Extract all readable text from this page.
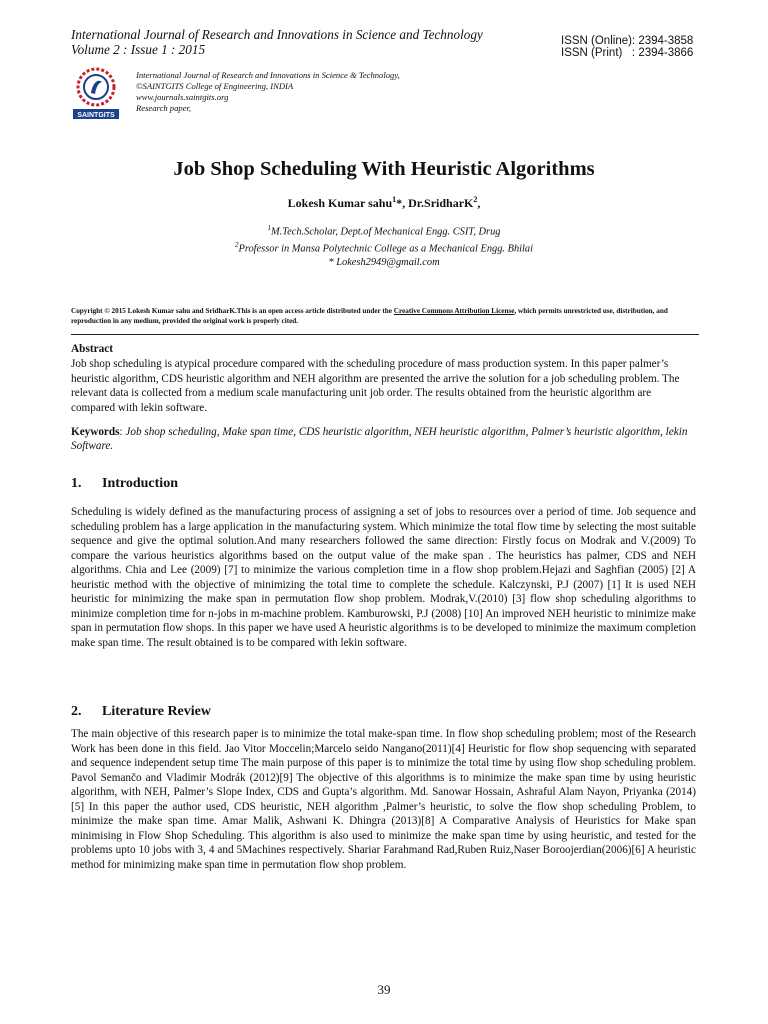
International Journal of Research and Innovations in Science and Technology
Volume 2 : Issue 1 : 2015
ISSN (Online): 2394-3858
ISSN (Print)   : 2394-3866
SAINTGITS
International Journal of Research and Innovations in Science & Technology,
©SAINTGITS College of Engineering, INDIA
www.journals.saintgits.org
Research paper,
Job Shop Scheduling With Heuristic Algorithms
Lokesh Kumar sahu$^1$*, Dr.SridharK$^2$,
$^1$M.Tech.Scholar, Dept.of Mechanical Engg. CSIT, Drug
$^2$Professor in Mansa Polytechnic College as a Mechanical Engg. Bhilai
* Lokesh2949@gmail.com
Copyright © 2015 Lokesh Kumar sahu and SridharK.This is an open access article distributed under the Creative Commons Attribution License, which permits unrestricted use, distribution, and reproduction in any medium, provided the original work is properly cited.
Abstract
Job shop scheduling is atypical procedure compared with the scheduling procedure of mass production system. In this paper palmer’s heuristic algorithm, CDS heuristic algorithm and NEH algorithm are presented the arrive the solution for a job scheduling problem. The relevant data is collected from a medium scale manufacturing unit job order. The results obtained from the heuristic algorithm are compared with lekin software.
Keywords: Job shop scheduling, Make span time, CDS heuristic algorithm, NEH heuristic algorithm, Palmer’s heuristic algorithm, lekin Software.
1. Introduction
Scheduling is widely defined as the manufacturing process of assigning a set of jobs to resources over a period of time. Job sequence and scheduling problem has a large application in the manufacturing system. Which minimize the total flow time by selecting the most suitable sequence and give the optimal solution.And many researchers followed the same direction: Firstly focus on Modrak and V.(2009) To compare the various heuristics algorithms based on the output value of the make span . The heuristics has palmer, CDS and NEH algorithms. Chia and Lee (2009) [7] to minimize the various completion time in a flow shop problem.Hejazi and Saghfian (2005) [2] A heuristic method with the objective of minimizing the total time to complete the schedule. Kalczynski, P.J (2007) [1] It is used NEH heuristic for minimizing the make span in permutation flow shop problem. Modrak,V.(2010) [3] flow shop scheduling algorithms to minimize completion time for n-jobs in m-machine problem. Kamburowski, P.J (2008) [10] An improved NEH heuristic to minimize make span in permutation flow shops. In this paper we have used A heuristic algorithms is to be developed to minimize the maximum completion make span time. The result obtained is to be compared with lekin software.
2. Literature Review
The main objective of this research paper is to minimize the total make-span time. In flow shop scheduling problem; most of the Research Work has been done in this field. Jao Vitor Moccelin;Marcelo seido Nangano(2011)[4] Heuristic for flow shop sequencing with separated and sequence independent setup time The main purpose of this paper is to minimize the total time by using flow shop scheduling problem. Pavol Semančo and Vladimir Modrák (2012)[9] The objective of this algorithms is to minimize the make span time by using heuristic algorithm, with NEH, Palmer’s Slope Index, CDS and Gupta’s algorithm. Md. Sanowar Hossain, Ashraful Alam Nayon, Priyanka (2014)[5] In this paper the author used, CDS heuristic, NEH algorithm ,Palmer’s heuristic, to solve the flow shop scheduling Problem, to minimize the make span time. Amar Malik, Ashwani K. Dhingra (2013)[8] A Comparative Analysis of Heuristics for Make span minimising in Flow Shop Scheduling. This algorithm is also used to minimize the make span time by using heuristic, and tested for the problems upto 10 jobs with 3, 4 and 5Machines respectively. Shariar Farahmand Rad,Ruben Ruiz,Naser Boroojerdian(2006)[6] A heuristic method for minimizing make span time in permutation flow shop problem.
39
